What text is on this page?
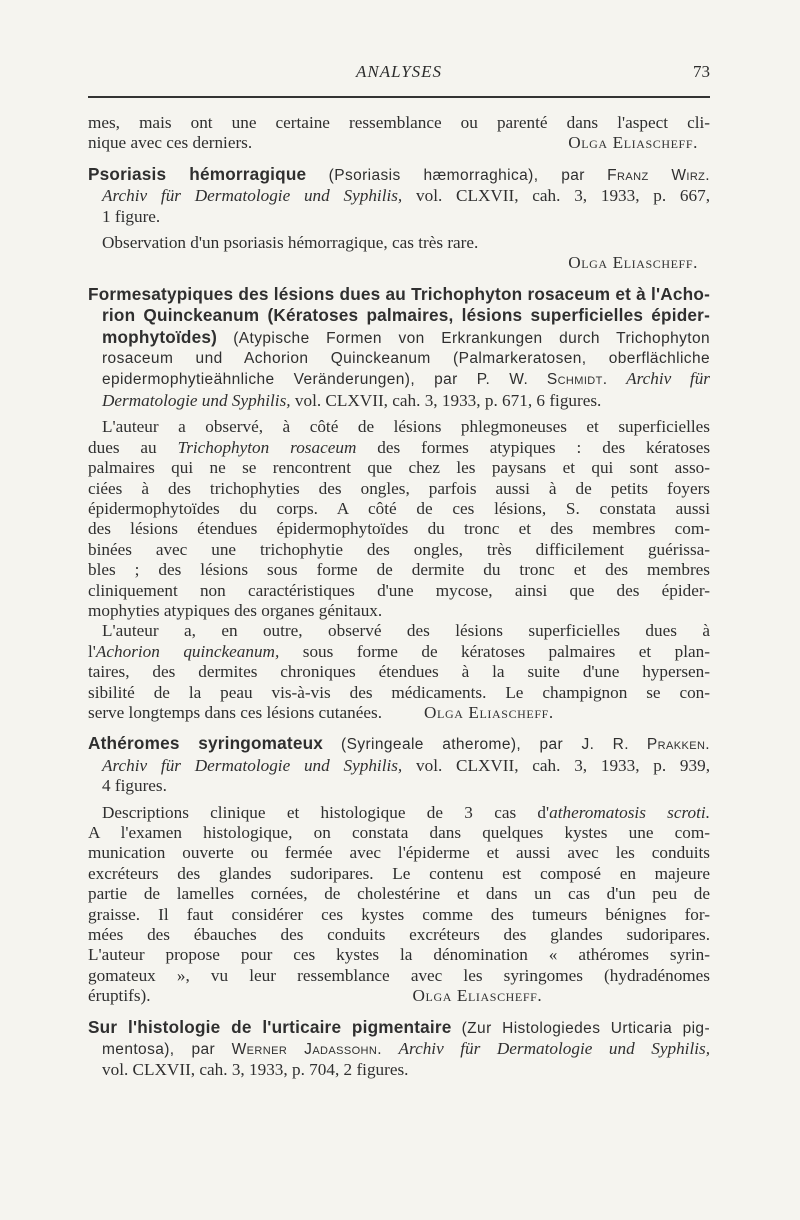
ANALYSES	73
mes, mais ont une certaine ressemblance ou parenté dans l'aspect cli-
nique avec ces derniers.	Olga Eliascheff.
Psoriasis hémorragique (Psoriasis hæmorraghica), par Franz Wirz.
Archiv für Dermatologie und Syphilis, vol. CLXVII, cah. 3, 1933, p. 667,
1 figure.
Observation d'un psoriasis hémorragique, cas très rare.
Olga Eliascheff.
Formesatypiques des lésions dues au Trichophyton rosaceum et à l'Acho-
rion Quinckeanum (Kératoses palmaires, lésions superficielles épider-
mophytoïdes) (Atypische Formen von Erkrankungen durch Trichophyton
rosaceum und Achorion Quinckeanum (Palmarkeratosen, oberflächliche
epidermophytieähnliche Veränderungen), par P. W. Schmidt. Archiv für
Dermatologie und Syphilis, vol. CLXVII, cah. 3, 1933, p. 671, 6 figures.
L'auteur a observé, à côté de lésions phlegmoneuses et superficielles
dues au Trichophyton rosaceum des formes atypiques : des kératoses
palmaires qui ne se rencontrent que chez les paysans et qui sont asso-
ciées à des trichophyties des ongles, parfois aussi à de petits foyers
épidermophytoïdes du corps. A côté de ces lésions, S. constata aussi
des lésions étendues épidermophytoïdes du tronc et des membres com-
binées avec une trichophytie des ongles, très difficilement guérissa-
bles ; des lésions sous forme de dermite du tronc et des membres
cliniquement non caractéristiques d'une mycose, ainsi que des épider-
mophyties atypiques des organes génitaux.
L'auteur a, en outre, observé des lésions superficielles dues à
l'Achorion quinckeanum, sous forme de kératoses palmaires et plan-
taires, des dermites chroniques étendues à la suite d'une hypersen-
sibilité de la peau vis-à-vis des médicaments. Le champignon se con-
serve longtemps dans ces lésions cutanées. Olga Eliascheff.
Athéromes syringomateux (Syringeale atherome), par J. R. Prakken.
Archiv für Dermatologie und Syphilis, vol. CLXVII, cah. 3, 1933, p. 939,
4 figures.
Descriptions clinique et histologique de 3 cas d'atheromatosis scroti.
A l'examen histologique, on constata dans quelques kystes une com-
munication ouverte ou fermée avec l'épiderme et aussi avec les conduits
excréteurs des glandes sudoripares. Le contenu est composé en majeure
partie de lamelles cornées, de cholestérine et dans un cas d'un peu de
graisse. Il faut considérer ces kystes comme des tumeurs bénignes for-
mées des ébauches des conduits excréteurs des glandes sudoripares.
L'auteur propose pour ces kystes la dénomination « athéromes syrin-
gomateux », vu leur ressemblance avec les syringomes (hydradénomes
éruptifs).	Olga Eliascheff.
Sur l'histologie de l'urticaire pigmentaire (Zur Histologiedes Urticaria pig-
mentosa), par Werner Jadassohn. Archiv für Dermatologie und Syphilis,
vol. CLXVII, cah. 3, 1933, p. 704, 2 figures.
